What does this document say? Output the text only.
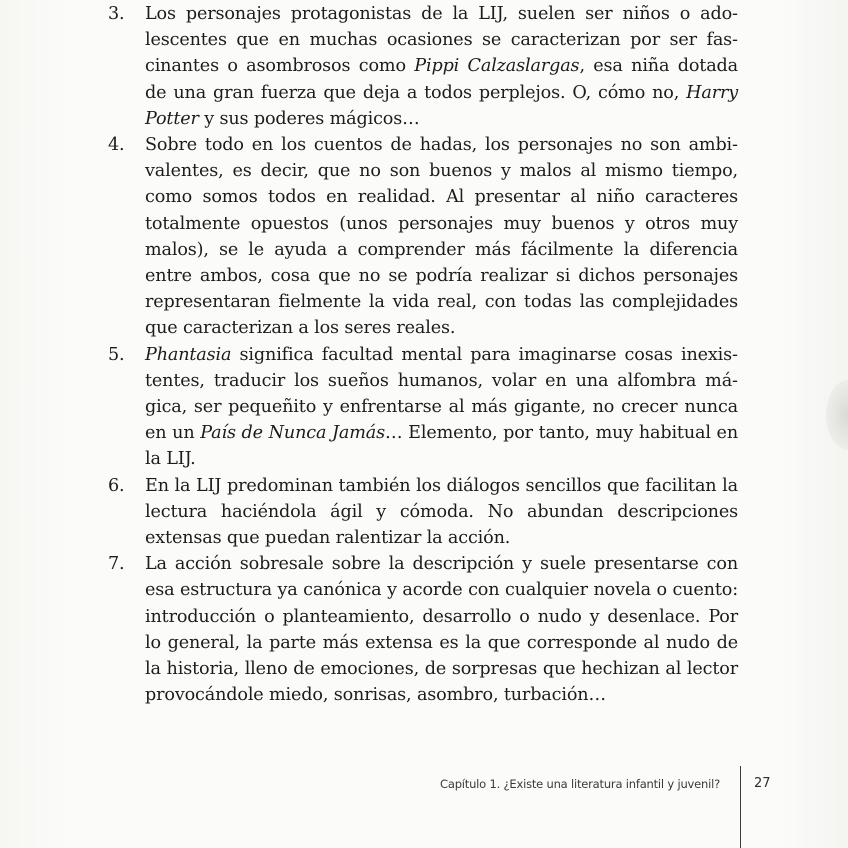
3.	Los personajes protagonistas de la LIJ, suelen ser niños o adolescentes que en muchas ocasiones se caracterizan por ser fascinantes o asombrosos como Pippi Calzaslargas, esa niña dotada de una gran fuerza que deja a todos perplejos. O, cómo no, Harry Potter y sus poderes mágicos…
4.	Sobre todo en los cuentos de hadas, los personajes no son ambivalentes, es decir, que no son buenos y malos al mismo tiempo, como somos todos en realidad. Al presentar al niño caracteres totalmente opuestos (unos personajes muy buenos y otros muy malos), se le ayuda a comprender más fácilmente la diferencia entre ambos, cosa que no se podría realizar si dichos personajes representaran fielmente la vida real, con todas las complejidades que caracterizan a los seres reales.
5.	Phantasia significa facultad mental para imaginarse cosas inexistentes, traducir los sueños humanos, volar en una alfombra mágica, ser pequeñito y enfrentarse al más gigante, no crecer nunca en un País de Nunca Jamás… Elemento, por tanto, muy habitual en la LIJ.
6.	En la LIJ predominan también los diálogos sencillos que facilitan la lectura haciéndola ágil y cómoda. No abundan descripciones extensas que puedan ralentizar la acción.
7.	La acción sobresale sobre la descripción y suele presentarse con esa estructura ya canónica y acorde con cualquier novela o cuento: introducción o planteamiento, desarrollo o nudo y desenlace. Por lo general, la parte más extensa es la que corresponde al nudo de la historia, lleno de emociones, de sorpresas que hechizan al lector provocándole miedo, sonrisas, asombro, turbación…
Capítulo 1. ¿Existe una literatura infantil y juvenil?	27
